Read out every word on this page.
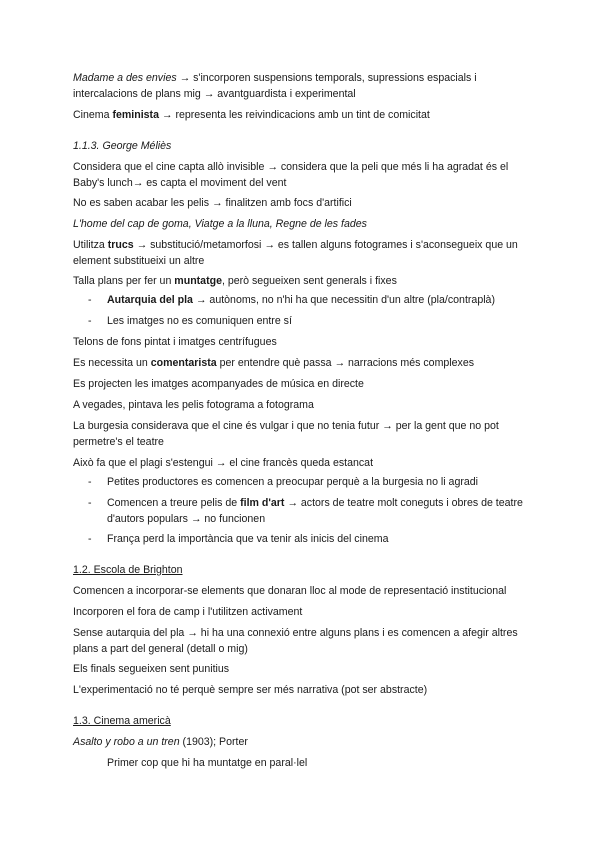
Madame a des envies → s'incorporen suspensions temporals, supressions espacials i intercalacions de plans mig → avantguardista i experimental
Cinema feminista → representa les reivindicacions amb un tint de comicitat
1.1.3. George Méliès
Considera que el cine capta allò invisible → considera que la peli que més li ha agradat és el Baby's lunch→ es capta el moviment del vent
No es saben acabar les pelis → finalitzen amb focs d'artifici
L'home del cap de goma, Viatge a la lluna, Regne de les fades
Utilitza trucs → substitució/metamorfosi → es tallen alguns fotogrames i s'aconsegueix que un element substitueixi un altre
Talla plans per fer un muntatge, però segueixen sent generals i fixes
- Autarquia del pla → autònoms, no n'hi ha que necessitin d'un altre (pla/contraplà)
- Les imatges no es comuniquen entre sí
Telons de fons pintat i imatges centrífugues
Es necessita un comentarista per entendre què passa → narracions més complexes
Es projecten les imatges acompanyades de música en directe
A vegades, pintava les pelis fotograma a fotograma
La burgesia considerava que el cine és vulgar i que no tenia futur → per la gent que no pot permetre's el teatre
Això fa que el plagi s'estengui → el cine francès queda estancat
- Petites productores es comencen a preocupar perquè a la burgesia no li agradi
- Comencen a treure pelis de film d'art → actors de teatre molt coneguts i obres de teatre d'autors populars → no funcionen
- França perd la importància que va tenir als inicis del cinema
1.2. Escola de Brighton
Comencen a incorporar-se elements que donaran lloc al mode de representació institucional
Incorporen el fora de camp i l'utilitzen activament
Sense autarquia del pla → hi ha una connexió entre alguns plans i es comencen a afegir altres plans a part del general (detall o mig)
Els finals segueixen sent punitius
L'experimentació no té perquè sempre ser més narrativa (pot ser abstracte)
1.3. Cinema americà
Asalto y robo a un tren (1903); Porter
Primer cop que hi ha muntatge en paral·lel
